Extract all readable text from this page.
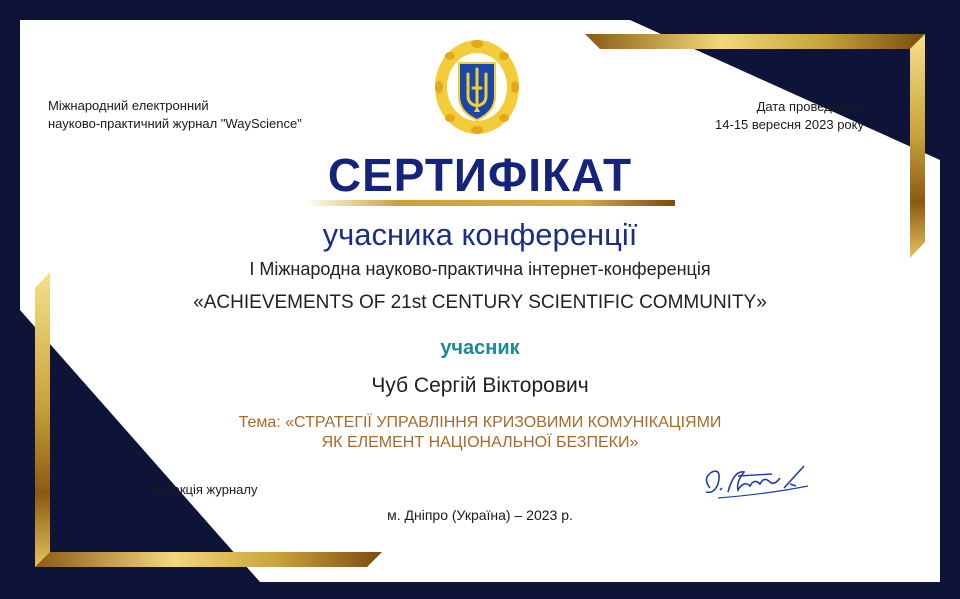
Міжнародний електронний
науково-практичний журнал "WayScience"

Дата проведення:
14-15 вересня 2023 року

СЕРТИФІКАТ
учасника конференції
I Міжнародна науково-практична інтернет-конференція
«ACHIEVEMENTS OF 21st CENTURY SCIENTIFIC COMMUNITY»
учасник
Чуб Сергій Вікторович
Тема: «СТРАТЕГІЇ УПРАВЛІННЯ КРИЗОВИМИ КОМУНІКАЦІЯМИ
ЯК ЕЛЕМЕНТ НАЦІОНАЛЬНОЇ БЕЗПЕКИ»
Редакція журналу
м. Дніпро (Україна) – 2023 р.
